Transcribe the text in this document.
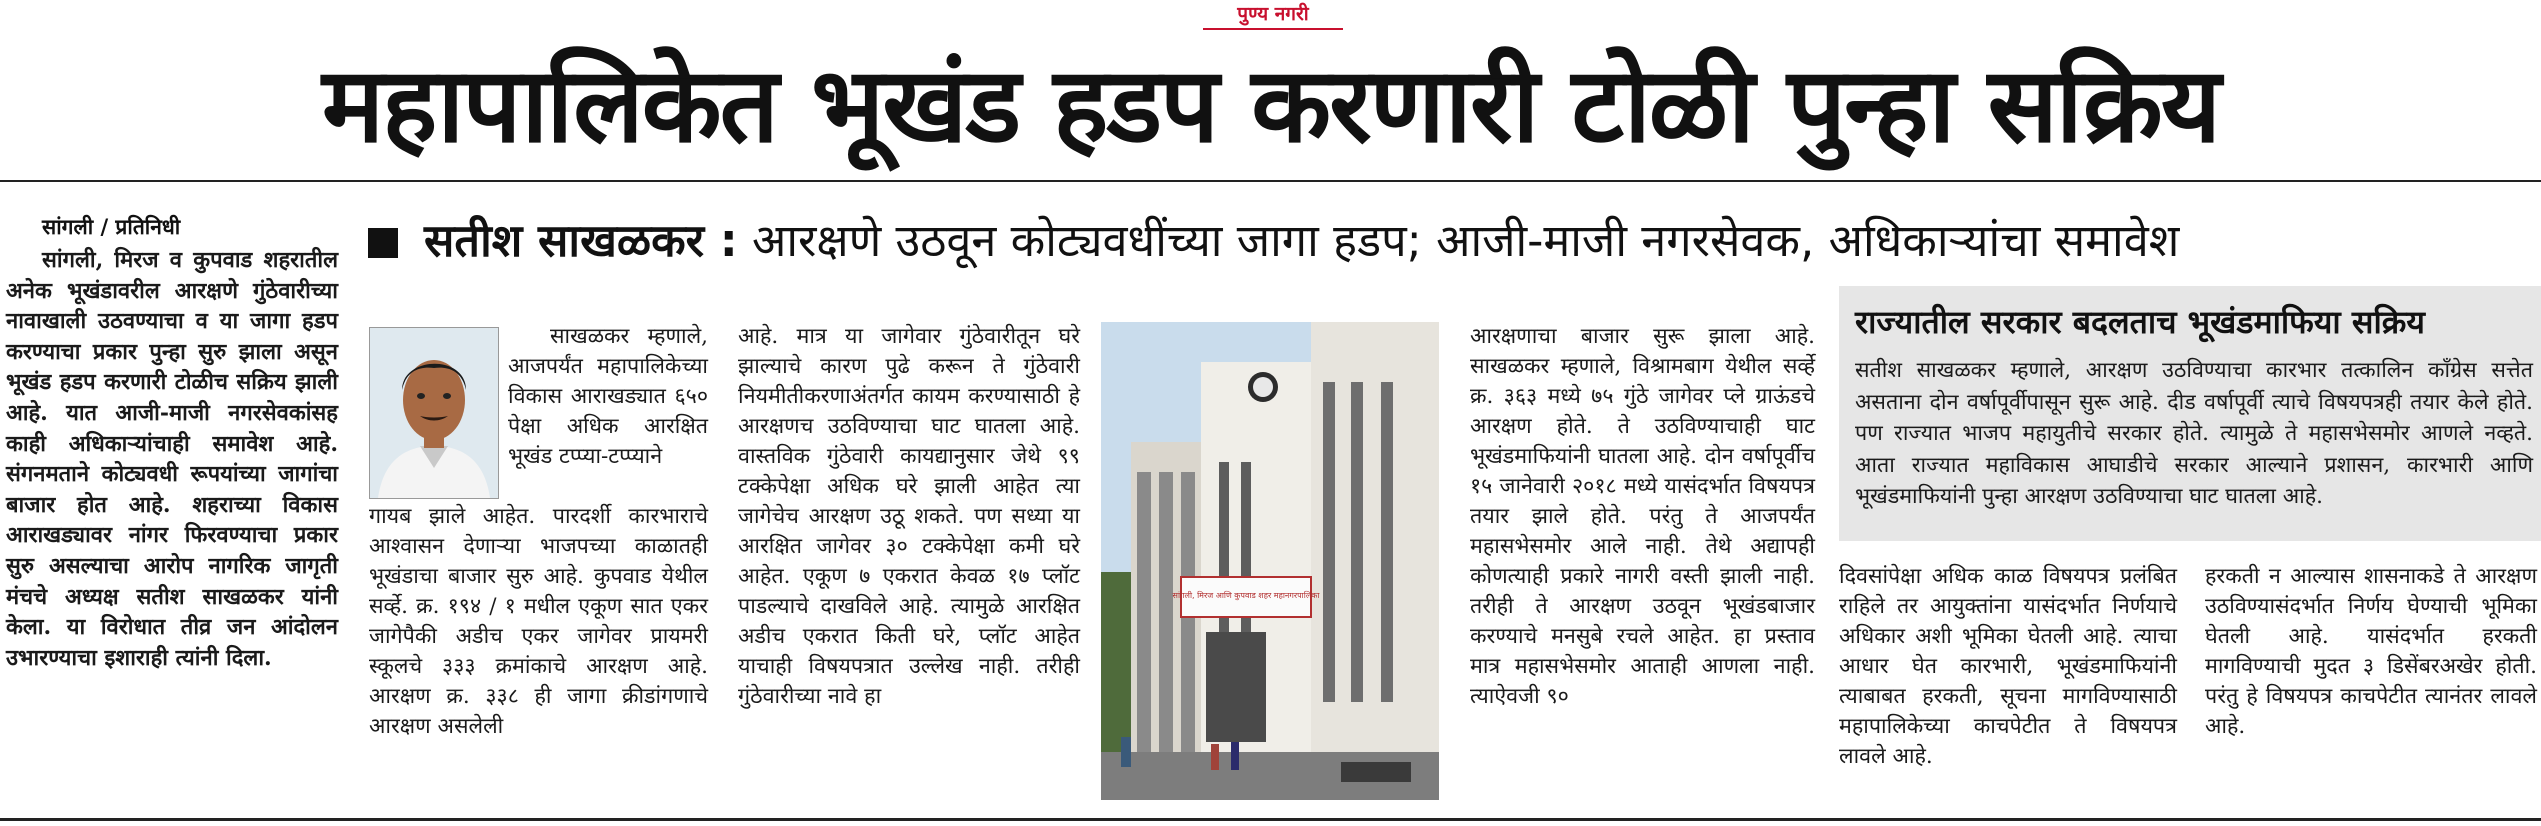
पुण्य नगरी
महापालिकेत भूखंड हडप करणारी टोळी पुन्हा सक्रिय
सांगली / प्रतिनिधी
सांगली, मिरज व कुपवाड शहरातील अनेक भूखंडावरील आरक्षणे गुंठेवारीच्या नावाखाली उठवण्याचा व या जागा हडप करण्याचा प्रकार पुन्हा सुरु झाला असून भूखंड हडप करणारी टोळीच सक्रिय झाली आहे. यात आजी-माजी नगरसेवकांसह काही अधिकाऱ्यांचाही समावेश आहे. संगनमताने कोट्यवधी रूपयांच्या जागांचा बाजार होत आहे. शहराच्या विकास आराखड्यावर नांगर फिरवण्याचा प्रकार सुरु असल्याचा आरोप नागरिक जागृती मंचचे अध्यक्ष सतीश साखळकर यांनी केला. या विरोधात तीव्र जन आंदोलन उभारण्याचा इशाराही त्यांनी दिला.
सतीश साखळकर : आरक्षणे उठवून कोट्यवधींच्या जागा हडप; आजी-माजी नगरसेवक, अधिकाऱ्यांचा समावेश
साखळकर म्हणाले, आजपर्यंत महापालिकेच्या विकास आराखड्यात ६५० पेक्षा अधिक आरक्षित भूखंड टप्प्या-टप्प्याने
गायब झाले आहेत. पारदर्शी कारभाराचे आश्वासन देणाऱ्या भाजपच्या काळातही भूखंडाचा बाजार सुरु आहे. कुपवाड येथील सर्व्हे. क्र. १९४ / १ मधील एकूण सात एकर जागेपैकी अडीच एकर जागेवर प्रायमरी स्कूलचे ३३३ क्रमांकाचे आरक्षण आहे. आरक्षण क्र. ३३८ ही जागा क्रीडांगणाचे आरक्षण असलेली
आहे. मात्र या जागेवार गुंठेवारीतून घरे झाल्याचे कारण पुढे करून ते गुंठेवारी नियमीतीकरणाअंतर्गत कायम करण्यासाठी हे आरक्षणच उठविण्याचा घाट घातला आहे. वास्तविक गुंठेवारी कायद्यानुसार जेथे ९९ टक्केपेक्षा अधिक घरे झाली आहेत त्या जागेचेच आरक्षण उठू शकते. पण सध्या या आरक्षित जागेवर ३० टक्केपेक्षा कमी घरे आहेत. एकूण ७ एकरात केवळ १७ प्लॉट पाडल्याचे दाखविले आहे. त्यामुळे आरक्षित अडीच एकरात किती घरे, प्लॉट आहेत याचाही विषयपत्रात उल्लेख नाही. तरीही गुंठेवारीच्या नावे हा
सांगली, मिरज आणि कुपवाड शहर महानगरपालिका
आरक्षणाचा बाजार सुरू झाला आहे. साखळकर म्हणाले, विश्रामबाग येथील सर्व्हे क्र. ३६३ मध्ये ७५ गुंठे जागेवर प्ले ग्राऊंडचे आरक्षण होते. ते उठविण्याचाही घाट भूखंडमाफियांनी घातला आहे. दोन वर्षापूर्वीच १५ जानेवारी २०१८ मध्ये यासंदर्भात विषयपत्र तयार झाले होते. परंतु ते आजपर्यंत महासभेसमोर आले नाही. तेथे अद्यापही कोणत्याही प्रकारे नागरी वस्ती झाली नाही. तरीही ते आरक्षण उठवून भूखंडबाजार करण्याचे मनसुबे रचले आहेत. हा प्रस्ताव मात्र महासभेसमोर आताही आणला नाही. त्याऐवजी ९०
राज्यातील सरकार बदलताच भूखंडमाफिया सक्रिय
सतीश साखळकर म्हणाले, आरक्षण उठविण्याचा कारभार तत्कालिन काँग्रेस सत्तेत असताना दोन वर्षापूर्वीपासून सुरू आहे. दीड वर्षापूर्वी त्याचे विषयपत्रही तयार केले होते. पण राज्यात भाजप महायुतीचे सरकार होते. त्यामुळे ते महासभेसमोर आणले नव्हते. आता राज्यात महाविकास आघाडीचे सरकार आल्याने प्रशासन, कारभारी आणि भूखंडमाफियांनी पुन्हा आरक्षण उठविण्याचा घाट घातला आहे.
दिवसांपेक्षा अधिक काळ विषयपत्र प्रलंबित राहिले तर आयुक्तांना यासंदर्भात निर्णयाचे अधिकार अशी भूमिका घेतली आहे. त्याचा आधार घेत कारभारी, भूखंडमाफियांनी त्याबाबत हरकती, सूचना मागविण्यासाठी महापालिकेच्या काचपेटीत ते विषयपत्र लावले आहे.
हरकती न आल्यास शासनाकडे ते आरक्षण उठविण्यासंदर्भात निर्णय घेण्याची भूमिका घेतली आहे. यासंदर्भात हरकती मागविण्याची मुदत ३ डिसेंबरअखेर होती. परंतु हे विषयपत्र काचपेटीत त्यानंतर लावले आहे.
